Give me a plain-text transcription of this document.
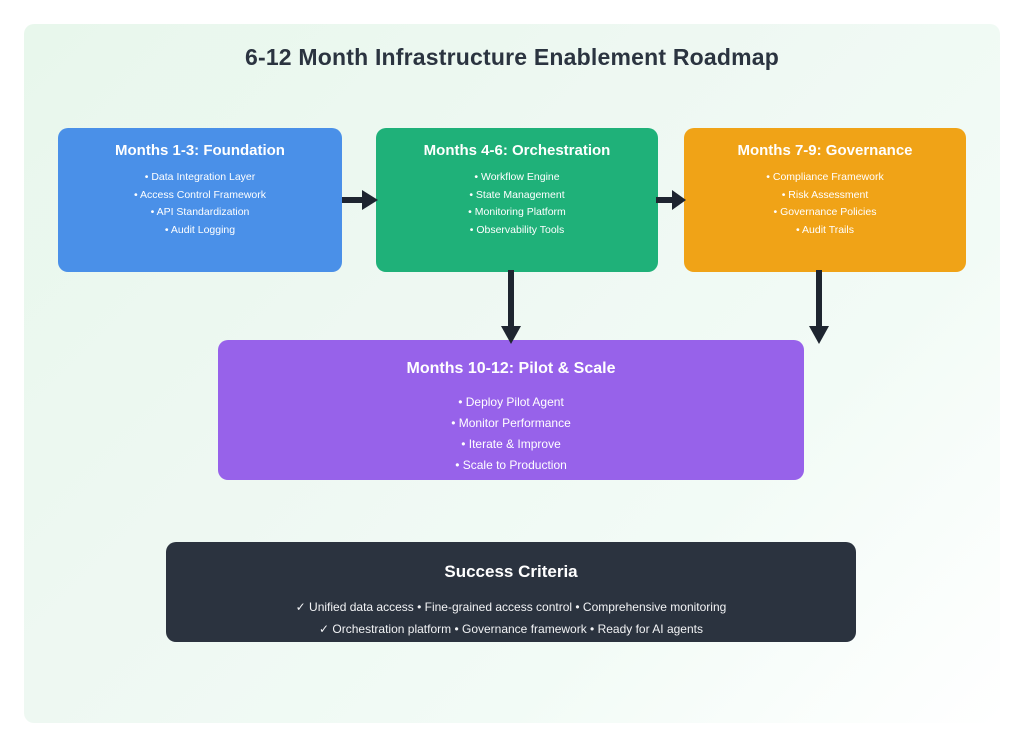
6-12 Month Infrastructure Enablement Roadmap
Months 1-3: Foundation
• Data Integration Layer
• Access Control Framework
• API Standardization
• Audit Logging
Months 4-6: Orchestration
• Workflow Engine
• State Management
• Monitoring Platform
• Observability Tools
Months 7-9: Governance
• Compliance Framework
• Risk Assessment
• Governance Policies
• Audit Trails
Months 10-12: Pilot & Scale
• Deploy Pilot Agent
• Monitor Performance
• Iterate & Improve
• Scale to Production
Success Criteria
✓ Unified data access • Fine-grained access control • Comprehensive monitoring
✓ Orchestration platform • Governance framework • Ready for AI agents
